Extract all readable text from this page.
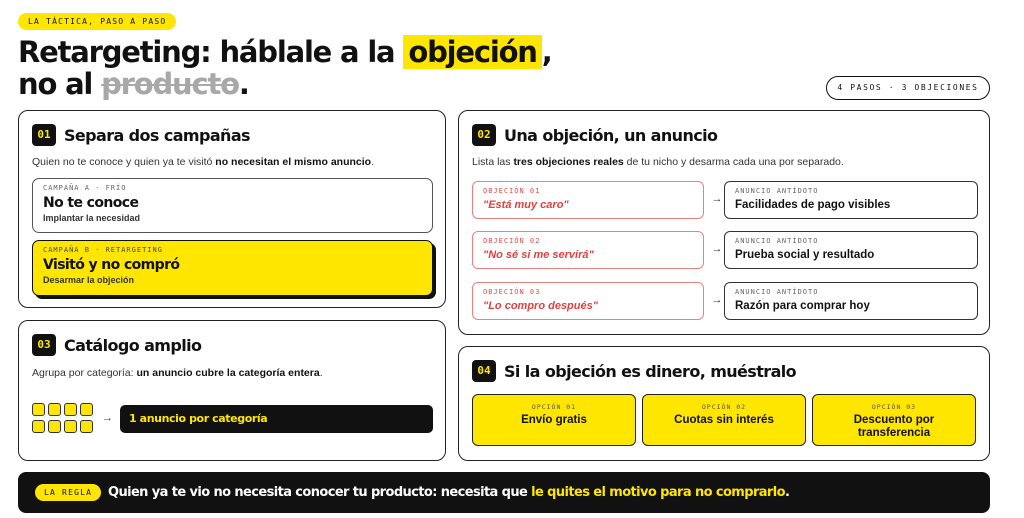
LA TÁCTICA, PASO A PASO
Retargeting: háblale a la objeción ,
no al producto.	4 PASOS · 3 OBJECIONES
01 Separa dos campañas

Quien no te conoce y quien ya te visitó no necesitan el mismo anuncio.

CAMPAÑA A · FRÍO
No te conoce
Implantar la necesidad
CAMPAÑA B · RETARGETING
Visitó y no compró
Desarmar la objeción
03 Catálogo amplio

Agrupa por categoría: un anuncio cubre la categoría entera.

→	1 anuncio por categoría
02 Una objeción, un anuncio

Lista las tres objeciones reales de tu nicho y desarma cada una por separado.

OBJECIÓN 01
"Está muy caro"	→
ANUNCIO ANTÍDOTO
Facilidades de pago visibles
OBJECIÓN 02
"No sé si me servirá"	→
ANUNCIO ANTÍDOTO
Prueba social y resultado
OBJECIÓN 03
"Lo compro después"	→
ANUNCIO ANTÍDOTO
Razón para comprar hoy
04 Si la objeción es dinero, muéstralo
OPCIÓN 01
Envío gratis
OPCIÓN 02
Cuotas sin interés
OPCIÓN 03
Descuento por transferencia
LA REGLA	Quien ya te vio no necesita conocer tu producto: necesita que le quites el motivo para no comprarlo.
